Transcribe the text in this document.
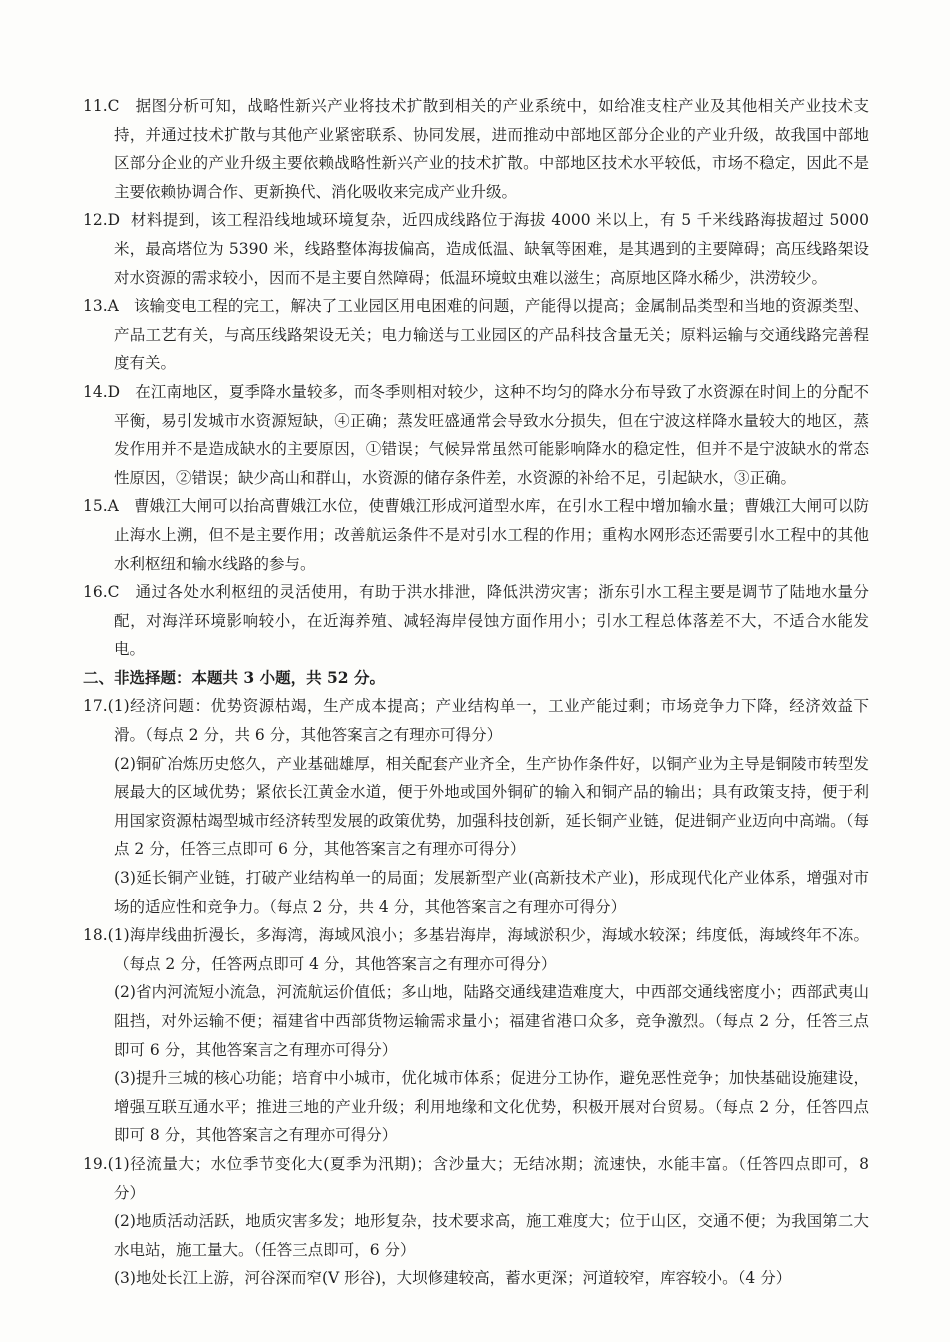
11.C 据图分析可知，战略性新兴产业将技术扩散到相关的产业系统中，如给准支柱产业及其他相关产业技术支持，并通过技术扩散与其他产业紧密联系、协同发展，进而推动中部地区部分企业的产业升级，故我国中部地区部分企业的产业升级主要依赖战略性新兴产业的技术扩散。中部地区技术水平较低，市场不稳定，因此不是主要依赖协调合作、更新换代、消化吸收来完成产业升级。

12.D 材料提到，该工程沿线地域环境复杂，近四成线路位于海拔 4000 米以上，有 5 千米线路海拔超过 5000 米，最高塔位为 5390 米，线路整体海拔偏高，造成低温、缺氧等困难，是其遇到的主要障碍；高压线路架设对水资源的需求较小，因而不是主要自然障碍；低温环境蚊虫难以滋生；高原地区降水稀少，洪涝较少。

13.A 该输变电工程的完工，解决了工业园区用电困难的问题，产能得以提高；金属制品类型和当地的资源类型、产品工艺有关，与高压线路架设无关；电力输送与工业园区的产品科技含量无关；原料运输与交通线路完善程度有关。

14.D 在江南地区，夏季降水量较多，而冬季则相对较少，这种不均匀的降水分布导致了水资源在时间上的分配不平衡，易引发城市水资源短缺，④正确；蒸发旺盛通常会导致水分损失，但在宁波这样降水量较大的地区，蒸发作用并不是造成缺水的主要原因，①错误；气候异常虽然可能影响降水的稳定性，但并不是宁波缺水的常态性原因，②错误；缺少高山和群山，水资源的储存条件差，水资源的补给不足，引起缺水，③正确。

15.A 曹娥江大闸可以抬高曹娥江水位，使曹娥江形成河道型水库，在引水工程中增加输水量；曹娥江大闸可以防止海水上溯，但不是主要作用；改善航运条件不是对引水工程的作用；重构水网形态还需要引水工程中的其他水利枢纽和输水线路的参与。

16.C 通过各处水利枢纽的灵活使用，有助于洪水排泄，降低洪涝灾害；浙东引水工程主要是调节了陆地水量分配，对海洋环境影响较小，在近海养殖、减轻海岸侵蚀方面作用小；引水工程总体落差不大，不适合水能发电。

二、非选择题：本题共 3 小题，共 52 分。

17.(1)经济问题：优势资源枯竭，生产成本提高；产业结构单一，工业产能过剩；市场竞争力下降，经济效益下滑。（每点 2 分，共 6 分，其他答案言之有理亦可得分）

(2)铜矿冶炼历史悠久，产业基础雄厚，相关配套产业齐全，生产协作条件好，以铜产业为主导是铜陵市转型发展最大的区域优势；紧依长江黄金水道，便于外地或国外铜矿的输入和铜产品的输出；具有政策支持，便于利用国家资源枯竭型城市经济转型发展的政策优势，加强科技创新，延长铜产业链，促进铜产业迈向中高端。（每点 2 分，任答三点即可 6 分，其他答案言之有理亦可得分）

(3)延长铜产业链，打破产业结构单一的局面；发展新型产业(高新技术产业)，形成现代化产业体系，增强对市场的适应性和竞争力。（每点 2 分，共 4 分，其他答案言之有理亦可得分）

18.(1)海岸线曲折漫长，多海湾，海域风浪小；多基岩海岸，海域淤积少，海域水较深；纬度低，海域终年不冻。（每点 2 分，任答两点即可 4 分，其他答案言之有理亦可得分）

(2)省内河流短小流急，河流航运价值低；多山地，陆路交通线建造难度大，中西部交通线密度小；西部武夷山阻挡，对外运输不便；福建省中西部货物运输需求量小；福建省港口众多，竞争激烈。（每点 2 分，任答三点即可 6 分，其他答案言之有理亦可得分）

(3)提升三城的核心功能；培育中小城市，优化城市体系；促进分工协作，避免恶性竞争；加快基础设施建设，增强互联互通水平；推进三地的产业升级；利用地缘和文化优势，积极开展对台贸易。（每点 2 分，任答四点即可 8 分，其他答案言之有理亦可得分）

19.(1)径流量大；水位季节变化大(夏季为汛期)；含沙量大；无结冰期；流速快，水能丰富。（任答四点即可，8 分）

(2)地质活动活跃，地质灾害多发；地形复杂，技术要求高，施工难度大；位于山区，交通不便；为我国第二大水电站，施工量大。（任答三点即可，6 分）

(3)地处长江上游，河谷深而窄(V 形谷)，大坝修建较高，蓄水更深；河道较窄，库容较小。（4 分）
